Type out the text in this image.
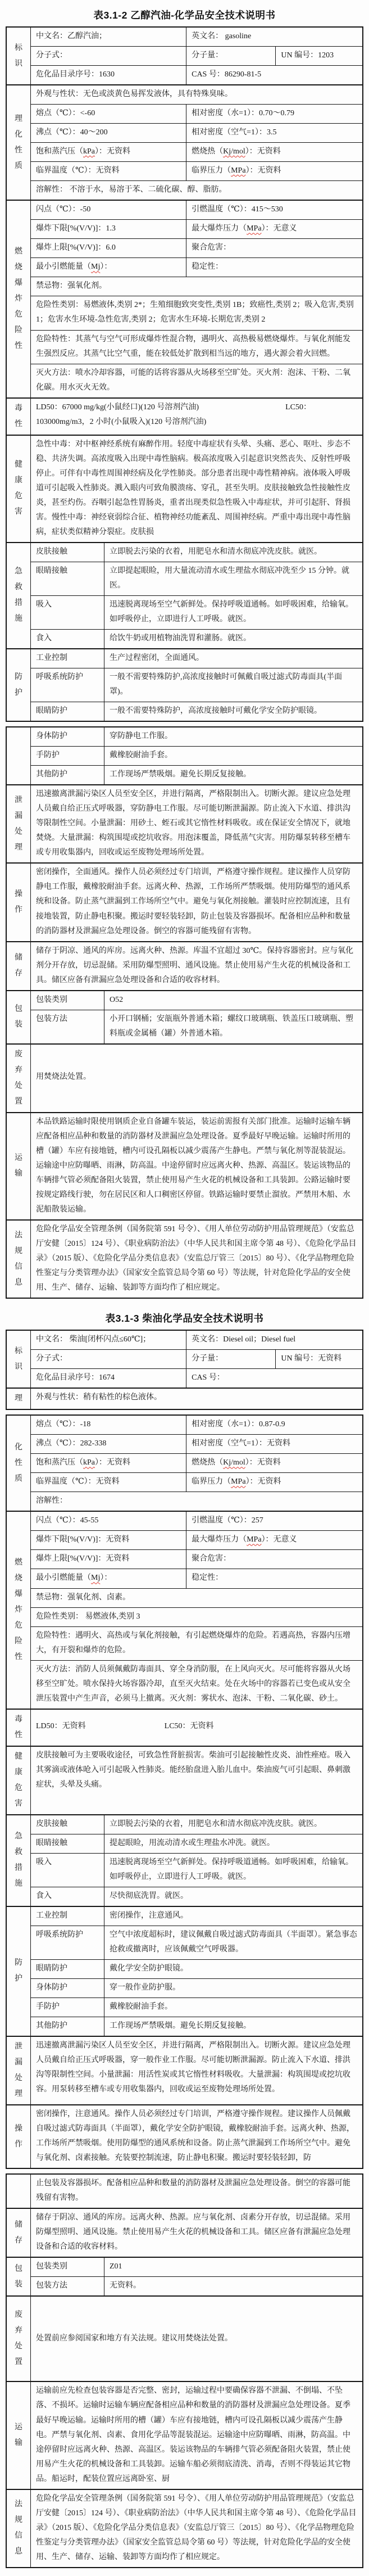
表3.1-2 乙醇汽油-化学品安全技术说明书
标识
中文名：乙醇汽油；	英文名： gasoline
分子式：	分子量：	UN 编号：1203
危化品目录序号：1630	CAS 号：86290-81-5
理化性质
外观与性状：无色或淡黄色易挥发液体，具有特殊臭味。
熔点（℃）：<-60	相对密度（水=1）：0.70～0.79
沸点（℃）：40～200	相对密度（空气=1）：3.5
饱和蒸汽压（kPa）：无资料	燃烧热（Kj/mol）：无资料
临界温度（℃）：无资料	临界压力（MPa）：无资料
溶解性： 不溶于水，易溶于苯、二硫化碳、醇、脂肪。
燃烧爆炸危险性
闪点（℃）：-50	引燃温度（℃）：415～530
爆炸下限[%(V/V)]：1.3	最大爆炸压力（MPa）：无意义
爆炸上限[%(V/V)]：6.0	聚合危害：
最小引燃能量（Mj）：	稳定性：
禁忌物：强氧化剂。
危险性类别：易燃液体,类别 2*；生殖细胞致突变性,类别 1B；致癌性,类别 2；吸入危害,类别 1；危害水生环境-急性危害,类别 2；危害水生环境-长期危害,类别 2
危险特性：其蒸气与空气可形成爆炸性混合物，遇明火、高热极易燃烧爆炸。与氧化剂能发生强烈反应。其蒸气比空气重，能在较低处扩散到相当远的地方，遇火源会着火回燃。
灭火方法：喷水冷却容器，可能的话将容器从火场移至空旷处。灭火剂：泡沫、干粉、二氧化碳。用水灭火无效。
毒性
LD50：67000 mg/kg(小鼠经口)(120 号溶剂汽油)　　　　　　　　　　　LC50：103000mg/m3，2 小时(小鼠吸入)(120 号溶剂汽油)
健康危害
急性中毒：对中枢神经系统有麻醉作用。轻度中毒症状有头晕、头痛、恶心、呕吐、步态不稳、共济失调。高浓度吸入出现中毒性脑病。极高浓度吸入引起意识突然丧失、反射性呼吸停止。可伴有中毒性周围神经病及化学性肺炎。部分患者出现中毒性精神病。液体吸入呼吸道可引起吸入性肺炎。溅入眼内可致角膜溃疡、穿孔，甚至失明。皮肤接触致急性接触性皮炎，甚至灼伤。吞咽引起急性胃肠炎，重者出现类似急性吸入中毒症状，并可引起肝、肾损害。慢性中毒：神经衰弱综合征、植物神经功能紊乱、周围神经病。严重中毒出现中毒性脑病，症状类似精神分裂症。皮肤损
急救措施
皮肤接触	立即脱去污染的衣着，用肥皂水和清水彻底冲洗皮肤。就医。
眼睛接触	立即提起眼睑，用大量流动清水或生理盐水彻底冲洗至少 15 分钟。就医。
吸入	迅速脱离现场至空气新鲜处。保持呼吸道通畅。如呼吸困难，给输氧。如呼吸停止，立即进行人工呼吸。就医。
食入	给饮牛奶或用植物油洗胃和灌肠。就医。
防护
工业控制	生产过程密闭，全面通风。
呼吸系统防护	一般不需要特殊防护,高浓度接触时可佩戴自吸过滤式防毒面具(半面罩)。
眼睛防护	一般不需要特殊防护，高浓度接触时可戴化学安全防护眼镜。
身体防护	穿防静电工作服。
手防护	戴橡胶耐油手套。
其他防护	工作现场严禁吸烟。避免长期反复接触。
泄漏处理
迅速撤离泄漏污染区人员至安全区，并进行隔离，严格限制出入。切断火源。建议应急处理人员戴自给正压式呼吸器，穿防静电工作服。尽可能切断泄漏源。防止流入下水道、排洪沟等限制性空间。小量泄漏：用砂土、蛭石或其它惰性材料吸收。或在保证安全情况下，就地焚烧。大量泄漏：构筑围堤或挖坑收容。用泡沫覆盖，降低蒸气灾害。用防爆泵转移至槽车或专用收集器内，回收或运至废物处理场所处置。
操作
密闭操作，全面通风。操作人员必须经过专门培训，严格遵守操作规程。建议操作人员穿防静电工作服，戴橡胶耐油手套。远离火种、热源，工作场所严禁吸烟。使用防爆型的通风系统和设备。防止蒸气泄漏到工作场所空气中。避免与氧化剂接触。灌装时应控制流速，且有接地装置，防止静电积聚。搬运时要轻装轻卸，防止包装及容器损坏。配备相应品种和数量的消防器材及泄漏应急处理设备。倒空的容器可能残留有害物。
储存
储存于阴凉、通风的库房。远离火种、热源。库温不宜超过 30℃。保持容器密封。应与氧化剂分开存放，切忌混储。采用防爆型照明、通风设施。禁止使用易产生火花的机械设备和工具。储区应备有泄漏应急处理设备和合适的收容材料。
包装
包装类别	O52
包装方法	小开口钢桶；安瓿瓶外普通木箱；螺纹口玻璃瓶、铁盖压口玻璃瓶、塑料瓶或金属桶（罐）外普通木箱。
废弃处置
用焚烧法处置。
运输
本品铁路运输时限使用钢质企业自备罐车装运，装运前需报有关部门批准。运输时运输车辆应配备相应品种和数量的消防器材及泄漏应急处理设备。夏季最好早晚运输。运输时所用的槽（罐）车应有接地链，槽内可设孔隔板以减少震荡产生静电。严禁与氧化剂等混装混运。运输途中应防曝晒、雨淋，防高温。中途停留时应远离火种、热源、高温区。装运该物品的车辆排气管必须配备阻火装置，禁止使用易产生火花的机械设备和工具装卸。公路运输时要按规定路线行驶，勿在居民区和人口稠密区停留。铁路运输时要禁止溜放。严禁用木船、水泥船散装运输。
法规信息
危险化学品安全管理条例（国务院第 591 号令）、《用人单位劳动防护用品管理规范》（安监总厅安健〔2015〕124 号）、《职业病防治法》（中华人民共和国主席令第 48 号）、《危险化学品目录》（2015 版）、《危险化学品分类信息表》（安监总厅管三〔2015〕80 号）、《化学品物理危险性鉴定与分类管理办法》（国家安全监管总局令第 60 号）等法规，针对危险化学品的安全使用、生产、储存、运输、装卸等方面均作了相应规定。
表3.1-3 柴油化学品安全技术说明书
标识
中文名： 柴油[闭杯闪点≤60℃]；	英文名：Diesel oil；Diesel fuel
分子式：	分子量：	UN 编号：无资料
危化品目录序号：1674	CAS 号：
理	外观与性状：稍有粘性的棕色液体。
化性质
熔点（℃）：-18	相对密度（水=1）：0.87-0.9
沸点（℃）：282-338	相对密度（空气=1）：无资料
饱和蒸汽压（kPa）：无资料	燃烧热（Kj/mol）：无资料
临界温度（℃）：无资料	临界压力（MPa）：无资料
溶解性：
燃烧爆炸危险性
闪点（℃）：45-55	引燃温度（℃）：257
爆炸下限[%(V/V)]：无资料	最大爆炸压力（MPa）：无意义
爆炸上限[%(V/V)]：无资料	聚合危害：
最小引燃能量（Mj）：	稳定性：
禁忌物：强氧化剂、卤素。
危险性类别： 易燃液体,类别 3
危险特性：遇明火、高热或与氧化剂接触，有引起燃烧爆炸的危险。若遇高热，容器内压增大，有开裂和爆炸的危险。
灭火方法：消防人员须佩戴防毒面具、穿全身消防服，在上风向灭火。尽可能将容器从火场移至空旷处。喷水保持火场容器冷却，直至灭火结束。处在火场中的容器若已变色或从安全泄压装置中产生声音，必须马上撤离。灭火剂：雾状水、泡沫、干粉、二氧化碳、砂土。
毒性
LD50：无资料　　　　　　　　　　LC50：无资料
健康危害
皮肤接触可为主要吸收途径，可致急性肾脏损害。柴油可引起接触性皮炎、油性痤疮。吸入其雾滴或液体呛入可引起吸入性肺炎。能经胎盘进入胎儿血中。柴油废气可引起眼、鼻刺激症状，头晕及头痛。
急救措施
皮肤接触	立即脱去污染的衣着，用肥皂水和清水彻底冲洗皮肤。就医。
眼睛接触	提起眼睑，用流动清水或生理盐水冲洗。就医。
吸入	迅速脱离现场至空气新鲜处。保持呼吸道通畅。如呼吸困难，给输氧。如呼吸停止，立即进行人工呼吸。就医。
食入	尽快彻底洗胃。就医。
防护
工业控制	密闭操作，注意通风。
呼吸系统防护	空气中浓度超标时，建议佩戴自吸过滤式防毒面具（半面罩）。紧急事态抢救或撤离时，应该佩戴空气呼吸器。
眼睛防护	戴化学安全防护眼镜。
身体防护	穿一般作业防护服。
手防护	戴橡胶耐油手套。
其他防护	工作现场严禁吸烟。避免长期反复接触。
泄漏处理
迅速撤离泄漏污染区人员至安全区，并进行隔离，严格限制出入。切断火源。建议应急处理人员戴自给正压式呼吸器，穿一般作业工作服。尽可能切断泄漏源。防止流入下水道、排洪沟等限制性空间。小量泄漏：用活性炭或其它惰性材料吸收。大量泄漏：构筑围堤或挖坑收容。用泵转移至槽车或专用收集器内，回收或运至废物处理场所处置。
操作
密闭操作，注意通风。操作人员必须经过专门培训，严格遵守操作规程。建议操作人员佩戴自吸过滤式防毒面具（半面罩），戴化学安全防护眼镜，戴橡胶耐油手套。远离火种、热源，工作场所严禁吸烟。使用防爆型的通风系统和设备。防止蒸气泄漏到工作场所空气中。避免与氧化剂、卤素接触。充装要控制流速，防止静电积聚。搬运时要轻装轻卸，防
止包装及容器损坏。配备相应品种和数量的消防器材及泄漏应急处理设备。倒空的容器可能残留有害物。
储存
储存于阴凉、通风的库房。远离火种、热源。应与氧化剂、卤素分开存放，切忌混储。采用防爆型照明、通风设施。禁止使用易产生火花的机械设备和工具。储区应备有泄漏应急处理设备和合适的收容材料。
包装
包装类别	Z01
包装方法	无资料。
废弃处置
处置前应参阅国家和地方有关法规。建议用焚烧法处置。
运输
运输前应先检查包装容器是否完整、密封，运输过程中要确保容器不泄漏、不倒塌、不坠落、不损坏。运输时运输车辆应配备相应品种和数量的消防器材及泄漏应急处理设备。夏季最好早晚运输。运输时所用的槽（罐）车应有接地链，槽内可设孔隔板以减少震荡产生静电。严禁与氧化剂、卤素、食用化学品等混装混运。运输途中应防曝晒、雨淋，防高温。中途停留时应远离火种、热源、高温区。装运该物品的车辆排气管必须配备阻火装置，禁止使用易产生火花的机械设备和工具装卸。运输车船必须彻底清洗、消毒，否则不得装运其它物品。船运时，配装位置应远离卧室、厨
法规信息
危险化学品安全管理条例（国务院第 591 号令）、《用人单位劳动防护用品管理规范》（安监总厅安健〔2015〕124 号）、《职业病防治法》（中华人民共和国主席令第 48 号）、《危险化学品目录》（2015 版）、《危险化学品分类信息表》（安监总厅管三〔2015〕80 号）、《化学品物理危险性鉴定与分类管理办法》（国家安全监管总局令第 60 号）等法规，针对危险化学品的安全使用、生产、储存、运输、装卸等方面均作了相应规定。
